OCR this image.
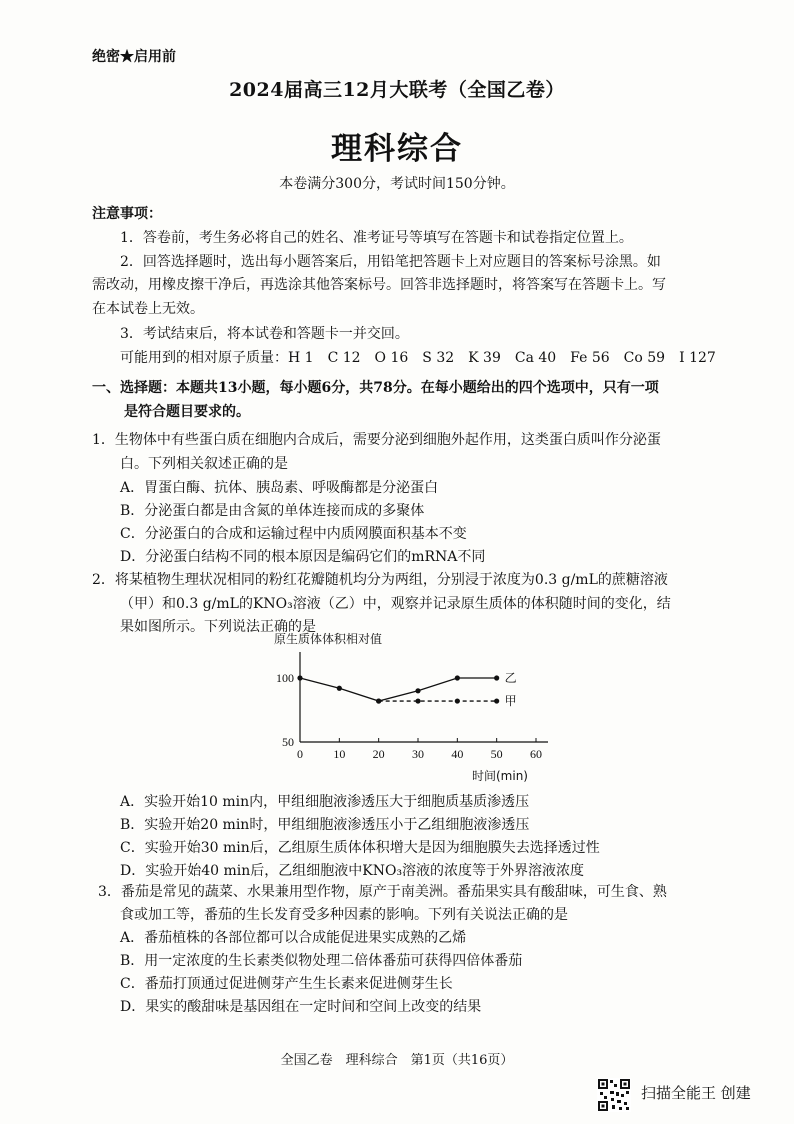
绝密★启用前
2024届高三12月大联考（全国乙卷）
理科综合
本卷满分300分，考试时间150分钟。
注意事项：
1．答卷前，考生务必将自己的姓名、准考证号等填写在答题卡和试卷指定位置上。
2．回答选择题时，选出每小题答案后，用铅笔把答题卡上对应题目的答案标号涂黑。如
需改动，用橡皮擦干净后，再选涂其他答案标号。回答非选择题时，将答案写在答题卡上。写
在本试卷上无效。
3．考试结束后，将本试卷和答题卡一并交回。
可能用到的相对原子质量：H 1　C 12　O 16　S 32　K 39　Ca 40　Fe 56　Co 59　I 127
一、选择题：本题共13小题，每小题6分，共78分。在每小题给出的四个选项中，只有一项
是符合题目要求的。
1．生物体中有些蛋白质在细胞内合成后，需要分泌到细胞外起作用，这类蛋白质叫作分泌蛋
白。下列相关叙述正确的是
A．胃蛋白酶、抗体、胰岛素、呼吸酶都是分泌蛋白
B．分泌蛋白都是由含氮的单体连接而成的多聚体
C．分泌蛋白的合成和运输过程中内质网膜面积基本不变
D．分泌蛋白结构不同的根本原因是编码它们的mRNA不同
2．将某植物生理状况相同的粉红花瓣随机均分为两组，分别浸于浓度为0.3 g/mL的蔗糖溶液
（甲）和0.3 g/mL的KNO₃溶液（乙）中，观察并记录原生质体的体积随时间的变化，结
果如图所示。下列说法正确的是
原生质体体积相对值
时间(min)
0	10 20 30 40 50 60
100
50
乙
甲
A．实验开始10 min内，甲组细胞液渗透压大于细胞质基质渗透压
B．实验开始20 min时，甲组细胞液渗透压小于乙组细胞液渗透压
C．实验开始30 min后，乙组原生质体体积增大是因为细胞膜失去选择透过性
D．实验开始40 min后，乙组细胞液中KNO₃溶液的浓度等于外界溶液浓度
3．番茄是常见的蔬菜、水果兼用型作物，原产于南美洲。番茄果实具有酸甜味，可生食、熟
食或加工等，番茄的生长发育受多种因素的影响。下列有关说法正确的是
A．番茄植株的各部位都可以合成能促进果实成熟的乙烯
B．用一定浓度的生长素类似物处理二倍体番茄可获得四倍体番茄
C．番茄打顶通过促进侧芽产生生长素来促进侧芽生长
D．果实的酸甜味是基因组在一定时间和空间上改变的结果
全国乙卷　理科综合　第1页（共16页）
扫描全能王 创建
